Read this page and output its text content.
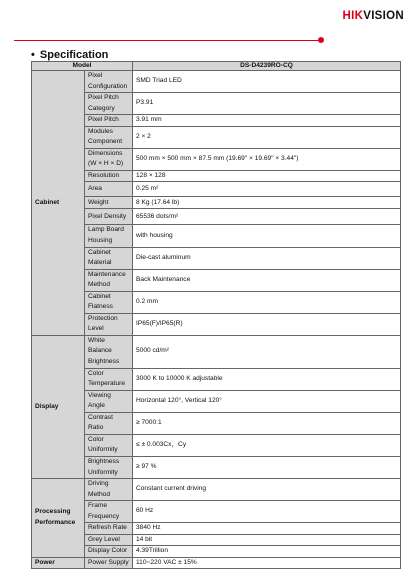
HIKVISION
• Specification
Model		DS-D4239RO-CQ
Cabinet	Pixel Configuration	SMD Triad LED
	Pixel Pitch Category	P3.91
	Pixel Pitch	3.91 mm
	Modules Component	2 × 2
	Dimensions (W × H × D)	500 mm × 500 mm × 87.5 mm (19.69" × 19.69" × 3.44")
	Resolution	128 × 128
	Area	0.25 m²
	Weight	8 Kg (17.64 lb)
	Pixel Density	65536 dots/m²
	Lamp Board Housing	with housing
	Cabinet Material	Die-cast aluminum
	Maintenance Method	Back Maintenance
	Cabinet Flatness	0.2 mm
	Protection Level	IP65(F)/IP65(R)
Display	White Balance Brightness	5000 cd/m²
	Color Temperature	3000 K to 10000 K adjustable
	Viewing Angle	Horizontal 120°, Vertical 120°
	Contrast Ratio	≥ 7000:1
	Color Uniformity	≤ ± 0.003Cx，Cy
	Brightness Uniformity	≥ 97 %
Processing Performance	Driving Method	Constant current driving
	Frame Frequency	60 Hz
	Refresh Rate	3840 Hz
	Grey Level	14 bit
	Display Color	4.39Trillion
Power	Power Supply	110~220 VAC ± 15%
